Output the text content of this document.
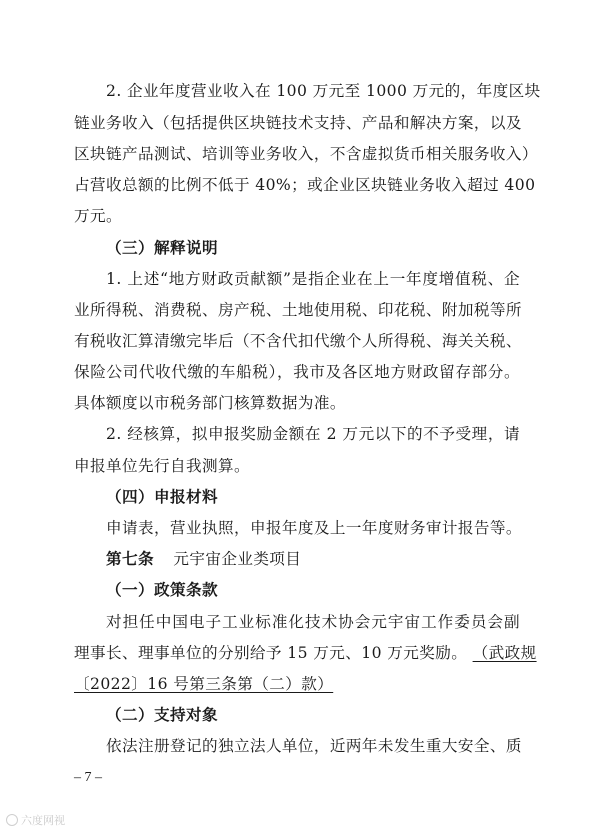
2. 企业年度营业收入在 100 万元至 1000 万元的，年度区块
链业务收入（包括提供区块链技术支持、产品和解决方案，以及
区块链产品测试、培训等业务收入，不含虚拟货币相关服务收入）
占营收总额的比例不低于 40%；或企业区块链业务收入超过 400
万元。
（三）解释说明
1. 上述“地方财政贡献额”是指企业在上一年度增值税、企
业所得税、消费税、房产税、土地使用税、印花税、附加税等所
有税收汇算清缴完毕后（不含代扣代缴个人所得税、海关关税、
保险公司代收代缴的车船税），我市及各区地方财政留存部分。
具体额度以市税务部门核算数据为准。
2. 经核算，拟申报奖励金额在 2 万元以下的不予受理，请
申报单位先行自我测算。
（四）申报材料
申请表，营业执照，申报年度及上一年度财务审计报告等。
第七条 元宇宙企业类项目
（一）政策条款
对担任中国电子工业标准化技术协会元宇宙工作委员会副
理事长、理事单位的分别给予 15 万元、10 万元奖励。 （武政规
〔2022〕16 号第三条第（二）款）
（二）支持对象
依法注册登记的独立法人单位，近两年未发生重大安全、质
– 7 –
六度网视
